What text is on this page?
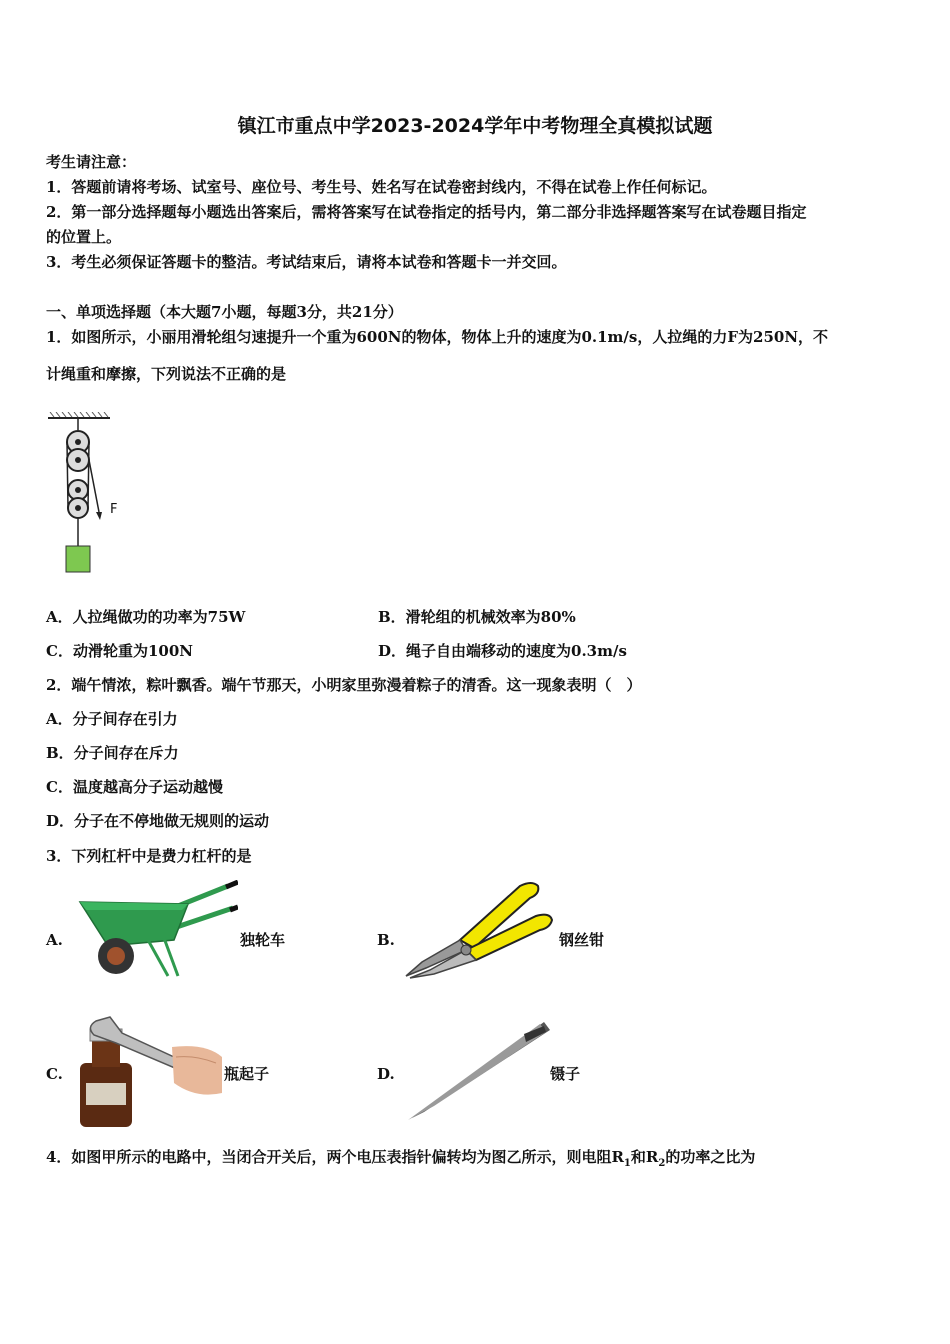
镇江市重点中学2023-2024学年中考物理全真模拟试题
考生请注意：
1．答题前请将考场、试室号、座位号、考生号、姓名写在试卷密封线内，不得在试卷上作任何标记。
2．第一部分选择题每小题选出答案后，需将答案写在试卷指定的括号内，第二部分非选择题答案写在试卷题目指定
的位置上。
3．考生必须保证答题卡的整洁。考试结束后，请将本试卷和答题卡一并交回。
一、单项选择题（本大题7小题，每题3分，共21分）
1．如图所示，小丽用滑轮组匀速提升一个重为600N的物体，物体上升的速度为0.1m/s，人拉绳的力F为250N，不
计绳重和摩擦，下列说法不正确的是
F
A．人拉绳做功的功率为75W	B．滑轮组的机械效率为80%
C．动滑轮重为100N	D．绳子自由端移动的速度为0.3m/s
2．端午情浓，粽叶飘香。端午节那天，小明家里弥漫着粽子的清香。这一现象表明（　）
A．分子间存在引力
B．分子间存在斥力
C．温度越高分子运动越慢
D．分子在不停地做无规则的运动
3．下列杠杆中是费力杠杆的是
A.	独轮车	B.	钢丝钳
C.	瓶起子	D.	镊子
4．如图甲所示的电路中，当闭合开关后，两个电压表指针偏转均为图乙所示，则电阻$R_1$和$R_2$的功率之比为
